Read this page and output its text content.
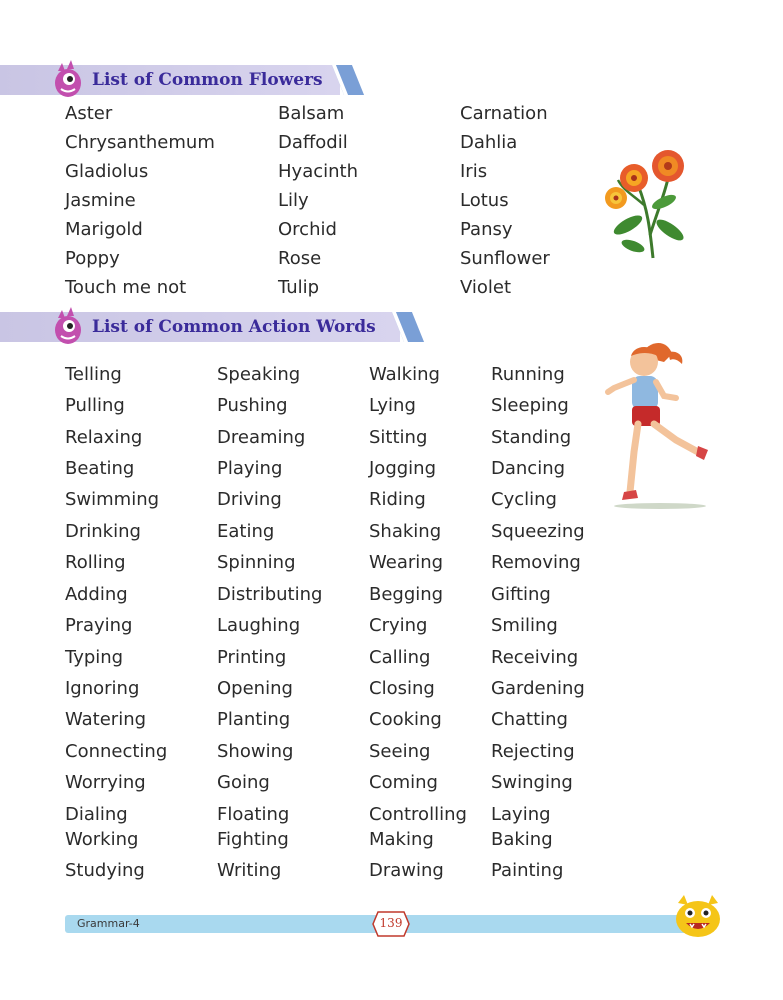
List of Common Flowers
Aster
Chrysanthemum
Gladiolus
Jasmine
Marigold
Poppy
Touch me not
Balsam
Daffodil
Hyacinth
Lily
Orchid
Rose
Tulip
Carnation
Dahlia
Iris
Lotus
Pansy
Sunflower
Violet
List of Common Action Words
Telling
Pulling
Relaxing
Beating
Swimming
Drinking
Rolling
Adding
Praying
Typing
Ignoring
Watering
Connecting
Worrying
Dialing
Working
Studying
Speaking
Pushing
Dreaming
Playing
Driving
Eating
Spinning
Distributing
Laughing
Printing
Opening
Planting
Showing
Going
Floating
Fighting
Writing
Walking
Lying
Sitting
Jogging
Riding
Shaking
Wearing
Begging
Crying
Calling
Closing
Cooking
Seeing
Coming
Controlling
Making
Drawing
Running
Sleeping
Standing
Dancing
Cycling
Squeezing
Removing
Gifting
Smiling
Receiving
Gardening
Chatting
Rejecting
Swinging
Laying
Baking
Painting
Grammar-4	139
